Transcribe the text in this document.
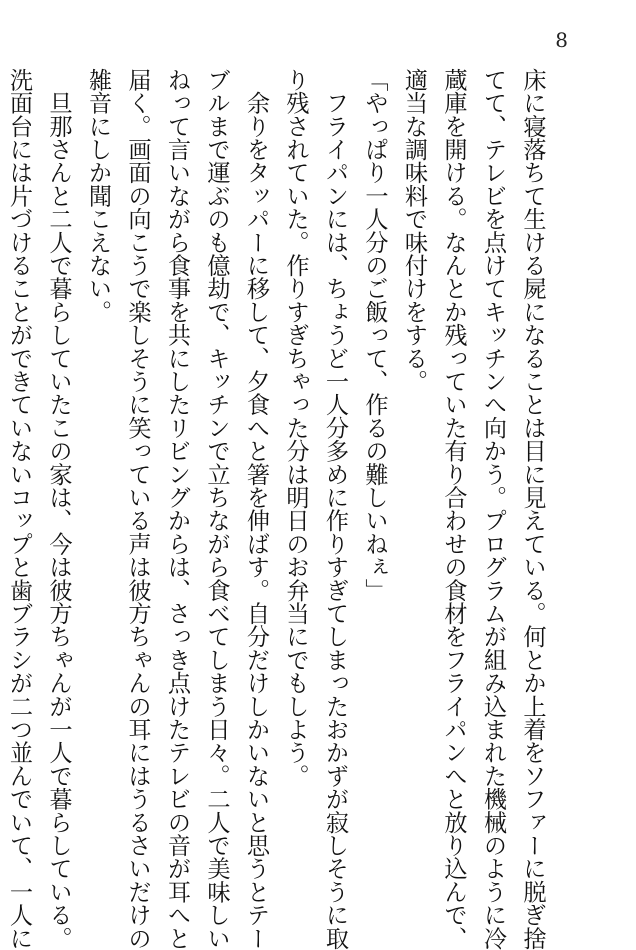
8
床に寝落ちて生ける屍になることは目に見えている。何とか上着をソファーに脱ぎ捨
てて、テレビを点けてキッチンへ向かう。プログラムが組み込まれた機械のように冷
蔵庫を開ける。なんとか残っていた有り合わせの食材をフライパンへと放り込んで、
適当な調味料で味付けをする。
「やっぱり一人分のご飯って、作るの難しいねぇ」
　フライパンには、ちょうど一人分多めに作りすぎてしまったおかずが寂しそうに取
り残されていた。作りすぎちゃった分は明日のお弁当にでもしよう。
　余りをタッパーに移して、夕食へと箸を伸ばす。自分だけしかいないと思うとテー
ブルまで運ぶのも億劫で、キッチンで立ちながら食べてしまう日々。二人で美味しい
ねって言いながら食事を共にしたリビングからは、さっき点けたテレビの音が耳へと
届く。画面の向こうで楽しそうに笑っている声は彼方ちゃんの耳にはうるさいだけの
雑音にしか聞こえない。
　旦那さんと二人で暮らしていたこの家は、今は彼方ちゃんが一人で暮らしている。
洗面台には片づけることができていないコップと歯ブラシが二つ並んでいて、一人に
